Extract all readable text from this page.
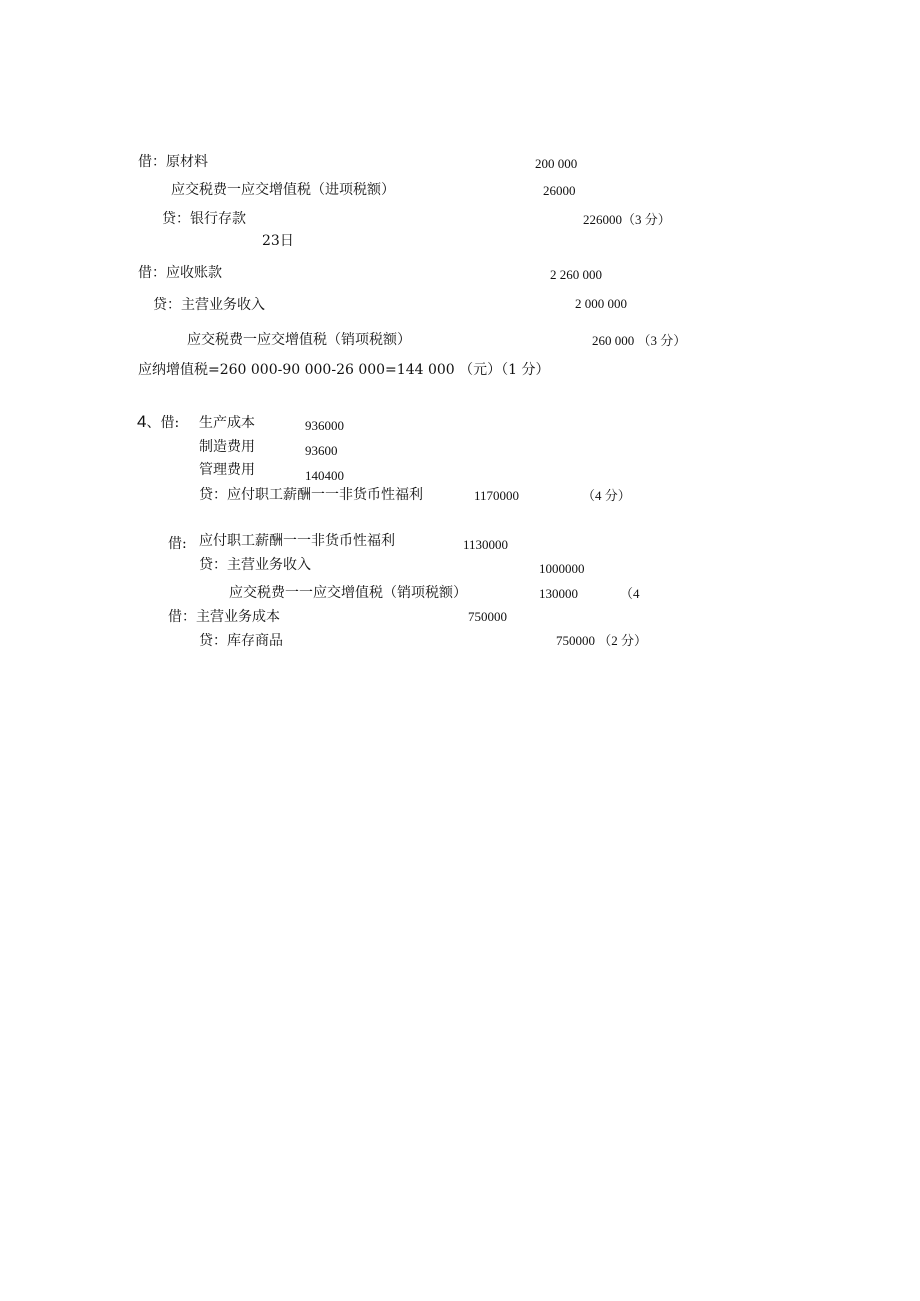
借：原材料	200 000
应交税费一应交增值税（进项税额）	26000
贷：银行存款	226000（3 分）
23日
借：应收账款	2 260 000
贷：主营业务收入	2 000 000
应交税费一应交增值税（销项税额）	260 000 （3 分）
应纳增值税=260 000-90 000-26 000=144 000 （元）（1 分）
4、借: 生产成本	936000
制造费用	93600
管理费用	140400
贷：应付职工薪酬一一非货币性福利	1170000	（4 分）
借: 应付职工薪酬一一非货币性福利	1130000
贷：主营业务收入	1000000
应交税费一一应交增值税（销项税额）	130000	（4
借：主营业务成本	750000
贷：库存商品	750000 （2 分）
